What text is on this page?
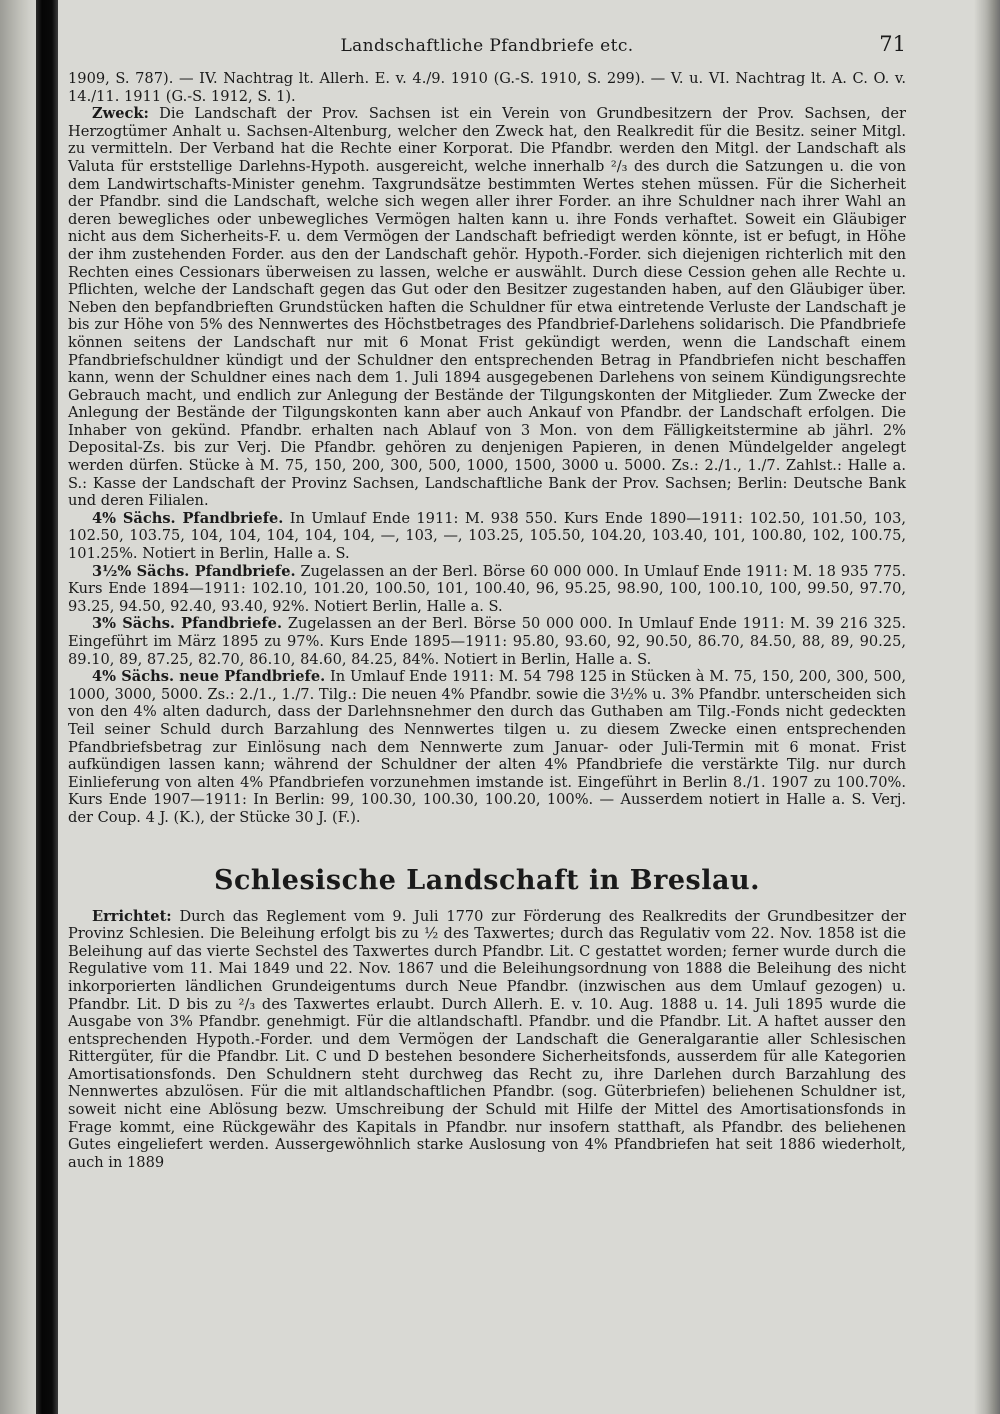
Landschaftliche Pfandbriefe etc.	71

1909, S. 787). — IV. Nachtrag lt. Allerh. E. v. 4./9. 1910 (G.-S. 1910, S. 299). — V. u. VI. Nachtrag lt. A. C. O. v. 14./11. 1911 (G.-S. 1912, S. 1).

Zweck: Die Landschaft der Prov. Sachsen ist ein Verein von Grundbesitzern der Prov. Sachsen, der Herzogtümer Anhalt u. Sachsen-Altenburg, welcher den Zweck hat, den Realkredit für die Besitz. seiner Mitgl. zu vermitteln. Der Verband hat die Rechte einer Korporat. Die Pfandbr. werden den Mitgl. der Landschaft als Valuta für erststellige Darlehns-Hypoth. ausgereicht, welche innerhalb ²/₃ des durch die Satzungen u. die von dem Landwirtschafts-Minister genehm. Taxgrundsätze bestimmten Wertes stehen müssen. Für die Sicherheit der Pfandbr. sind die Landschaft, welche sich wegen aller ihrer Forder. an ihre Schuldner nach ihrer Wahl an deren bewegliches oder unbewegliches Vermögen halten kann u. ihre Fonds verhaftet. Soweit ein Gläubiger nicht aus dem Sicherheits-F. u. dem Vermögen der Landschaft befriedigt werden könnte, ist er befugt, in Höhe der ihm zustehenden Forder. aus den der Landschaft gehör. Hypoth.-Forder. sich diejenigen richterlich mit den Rechten eines Cessionars überweisen zu lassen, welche er auswählt. Durch diese Cession gehen alle Rechte u. Pflichten, welche der Landschaft gegen das Gut oder den Besitzer zugestanden haben, auf den Gläubiger über. Neben den bepfandbrieften Grundstücken haften die Schuldner für etwa eintretende Verluste der Landschaft je bis zur Höhe von 5% des Nennwertes des Höchstbetrages des Pfandbrief-Darlehens solidarisch. Die Pfandbriefe können seitens der Landschaft nur mit 6 Monat Frist gekündigt werden, wenn die Landschaft einem Pfandbriefschuldner kündigt und der Schuldner den entsprechenden Betrag in Pfandbriefen nicht beschaffen kann, wenn der Schuldner eines nach dem 1. Juli 1894 ausgegebenen Darlehens von seinem Kündigungsrechte Gebrauch macht, und endlich zur Anlegung der Bestände der Tilgungskonten der Mitglieder. Zum Zwecke der Anlegung der Bestände der Tilgungskonten kann aber auch Ankauf von Pfandbr. der Landschaft erfolgen. Die Inhaber von gekünd. Pfandbr. erhalten nach Ablauf von 3 Mon. von dem Fälligkeitstermine ab jährl. 2% Deposital-Zs. bis zur Verj. Die Pfandbr. gehören zu denjenigen Papieren, in denen Mündelgelder angelegt werden dürfen. Stücke à M. 75, 150, 200, 300, 500, 1000, 1500, 3000 u. 5000. Zs.: 2./1., 1./7. Zahlst.: Halle a. S.: Kasse der Landschaft der Provinz Sachsen, Landschaftliche Bank der Prov. Sachsen; Berlin: Deutsche Bank und deren Filialen.

4% Sächs. Pfandbriefe. In Umlauf Ende 1911: M. 938 550. Kurs Ende 1890—1911: 102.50, 101.50, 103, 102.50, 103.75, 104, 104, 104, 104, 104, —, 103, —, 103.25, 105.50, 104.20, 103.40, 101, 100.80, 102, 100.75, 101.25%. Notiert in Berlin, Halle a. S.

3½% Sächs. Pfandbriefe. Zugelassen an der Berl. Börse 60 000 000. In Umlauf Ende 1911: M. 18 935 775. Kurs Ende 1894—1911: 102.10, 101.20, 100.50, 101, 100.40, 96, 95.25, 98.90, 100, 100.10, 100, 99.50, 97.70, 93.25, 94.50, 92.40, 93.40, 92%. Notiert Berlin, Halle a. S.

3% Sächs. Pfandbriefe. Zugelassen an der Berl. Börse 50 000 000. In Umlauf Ende 1911: M. 39 216 325. Eingeführt im März 1895 zu 97%. Kurs Ende 1895—1911: 95.80, 93.60, 92, 90.50, 86.70, 84.50, 88, 89, 90.25, 89.10, 89, 87.25, 82.70, 86.10, 84.60, 84.25, 84%. Notiert in Berlin, Halle a. S.

4% Sächs. neue Pfandbriefe. In Umlauf Ende 1911: M. 54 798 125 in Stücken à M. 75, 150, 200, 300, 500, 1000, 3000, 5000. Zs.: 2./1., 1./7. Tilg.: Die neuen 4% Pfandbr. sowie die 3½% u. 3% Pfandbr. unterscheiden sich von den 4% alten dadurch, dass der Darlehnsnehmer den durch das Guthaben am Tilg.-Fonds nicht gedeckten Teil seiner Schuld durch Barzahlung des Nennwertes tilgen u. zu diesem Zwecke einen entsprechenden Pfandbriefsbetrag zur Einlösung nach dem Nennwerte zum Januar- oder Juli-Termin mit 6 monat. Frist aufkündigen lassen kann; während der Schuldner der alten 4% Pfandbriefe die verstärkte Tilg. nur durch Einlieferung von alten 4% Pfandbriefen vorzunehmen imstande ist. Eingeführt in Berlin 8./1. 1907 zu 100.70%. Kurs Ende 1907—1911: In Berlin: 99, 100.30, 100.30, 100.20, 100%. — Ausserdem notiert in Halle a. S. Verj. der Coup. 4 J. (K.), der Stücke 30 J. (F.).

Schlesische Landschaft in Breslau.

Errichtet: Durch das Reglement vom 9. Juli 1770 zur Förderung des Realkredits der Grundbesitzer der Provinz Schlesien. Die Beleihung erfolgt bis zu ½ des Taxwertes; durch das Regulativ vom 22. Nov. 1858 ist die Beleihung auf das vierte Sechstel des Taxwertes durch Pfandbr. Lit. C gestattet worden; ferner wurde durch die Regulative vom 11. Mai 1849 und 22. Nov. 1867 und die Beleihungsordnung von 1888 die Beleihung des nicht inkorporierten ländlichen Grundeigentums durch Neue Pfandbr. (inzwischen aus dem Umlauf gezogen) u. Pfandbr. Lit. D bis zu ²/₃ des Taxwertes erlaubt. Durch Allerh. E. v. 10. Aug. 1888 u. 14. Juli 1895 wurde die Ausgabe von 3% Pfandbr. genehmigt. Für die altlandschaftl. Pfandbr. und die Pfandbr. Lit. A haftet ausser den entsprechenden Hypoth.-Forder. und dem Vermögen der Landschaft die Generalgarantie aller Schlesischen Rittergüter, für die Pfandbr. Lit. C und D bestehen besondere Sicherheitsfonds, ausserdem für alle Kategorien Amortisationsfonds. Den Schuldnern steht durchweg das Recht zu, ihre Darlehen durch Barzahlung des Nennwertes abzulösen. Für die mit altlandschaftlichen Pfandbr. (sog. Güterbriefen) beliehenen Schuldner ist, soweit nicht eine Ablösung bezw. Umschreibung der Schuld mit Hilfe der Mittel des Amortisationsfonds in Frage kommt, eine Rückgewähr des Kapitals in Pfandbr. nur insofern statthaft, als Pfandbr. des beliehenen Gutes eingeliefert werden. Aussergewöhnlich starke Auslosung von 4% Pfandbriefen hat seit 1886 wiederholt, auch in 1889
